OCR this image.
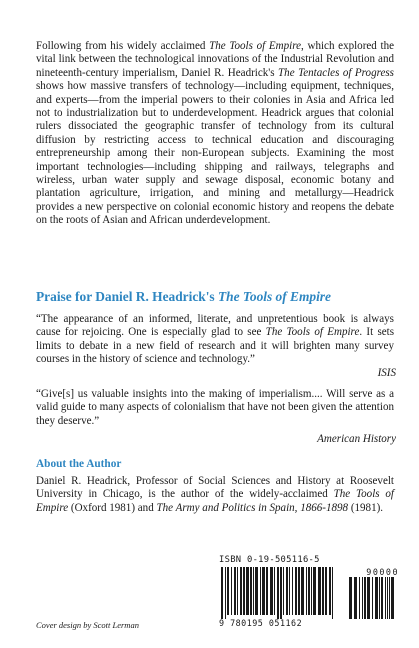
Following from his widely acclaimed The Tools of Empire, which explored the vital link between the technological innovations of the Industrial Revolution and nineteenth-century imperialism, Daniel R. Headrick's The Tentacles of Progress shows how massive transfers of technology—including equipment, techniques, and experts—from the imperial powers to their colonies in Asia and Africa led not to industrialization but to underdevelopment. Headrick argues that colonial rulers dissociated the geographic transfer of technology from its cultural diffusion by restricting access to technical education and discouraging entrepreneurship among their non-European subjects. Examining the most important technologies—including shipping and railways, telegraphs and wireless, urban water supply and sewage disposal, economic botany and plantation agriculture, irrigation, and mining and metallurgy—Headrick provides a new perspective on colonial economic history and reopens the debate on the roots of Asian and African underdevelopment.

Praise for Daniel R. Headrick's The Tools of Empire

“The appearance of an informed, literate, and unpretentious book is always cause for rejoicing. One is especially glad to see The Tools of Empire. It sets limits to debate in a new field of research and it will brighten many survey courses in the history of science and technology.”

ISIS

“Give[s] us valuable insights into the making of imperialism.... Will serve as a valid guide to many aspects of colonialism that have not been given the attention they deserve.”

American History
About the Author

Daniel R. Headrick, Professor of Social Sciences and History at Roosevelt University in Chicago, is the author of the widely-acclaimed The Tools of Empire (Oxford 1981) and The Army and Politics in Spain, 1866-1898 (1981).

ISBN 0-19-505116-5
90000
9 780195 051162
Cover design by Scott Lerman
